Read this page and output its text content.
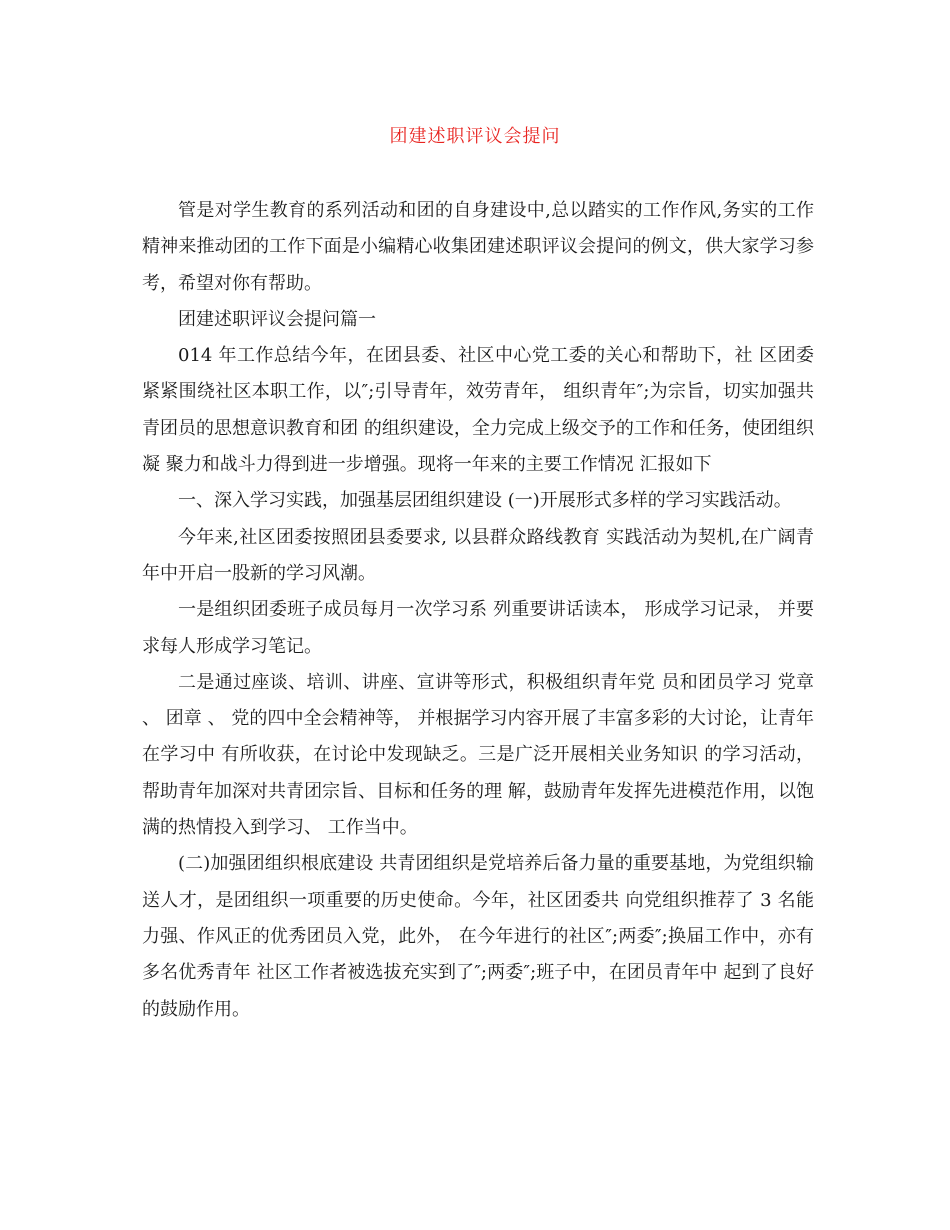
团建述职评议会提问

管是对学生教育的系列活动和团的自身建设中,总以踏实的工作作风,务实的工作精神来推动团的工作下面是小编精心收集团建述职评议会提问的例文，供大家学习参考，希望对你有帮助。

团建述职评议会提问篇一

014 年工作总结今年，在团县委、社区中心党工委的关心和帮助下，社 区团委紧紧围绕社区本职工作，以″;引导青年，效劳青年， 组织青年″;为宗旨，切实加强共青团员的思想意识教育和团 的组织建设，全力完成上级交予的工作和任务，使团组织凝 聚力和战斗力得到进一步增强。现将一年来的主要工作情况 汇报如下

一、深入学习实践，加强基层团组织建设 (一)开展形式多样的学习实践活动。

今年来,社区团委按照团县委要求, 以县群众路线教育 实践活动为契机,在广阔青年中开启一股新的学习风潮。

一是组织团委班子成员每月一次学习系 列重要讲话读本， 形成学习记录， 并要求每人形成学习笔记。

二是通过座谈、培训、讲座、宣讲等形式，积极组织青年党 员和团员学习 党章 、 团章 、 党的四中全会精神等， 并根据学习内容开展了丰富多彩的大讨论，让青年在学习中 有所收获，在讨论中发现缺乏。三是广泛开展相关业务知识 的学习活动，帮助青年加深对共青团宗旨、目标和任务的理 解，鼓励青年发挥先进模范作用，以饱满的热情投入到学习、 工作当中。

(二)加强团组织根底建设 共青团组织是党培养后备力量的重要基地，为党组织输 送人才，是团组织一项重要的历史使命。今年，社区团委共 向党组织推荐了 3 名能力强、作风正的优秀团员入党，此外， 在今年进行的社区″;两委″;换届工作中，亦有多名优秀青年 社区工作者被选拔充实到了″;两委″;班子中，在团员青年中 起到了良好的鼓励作用。
